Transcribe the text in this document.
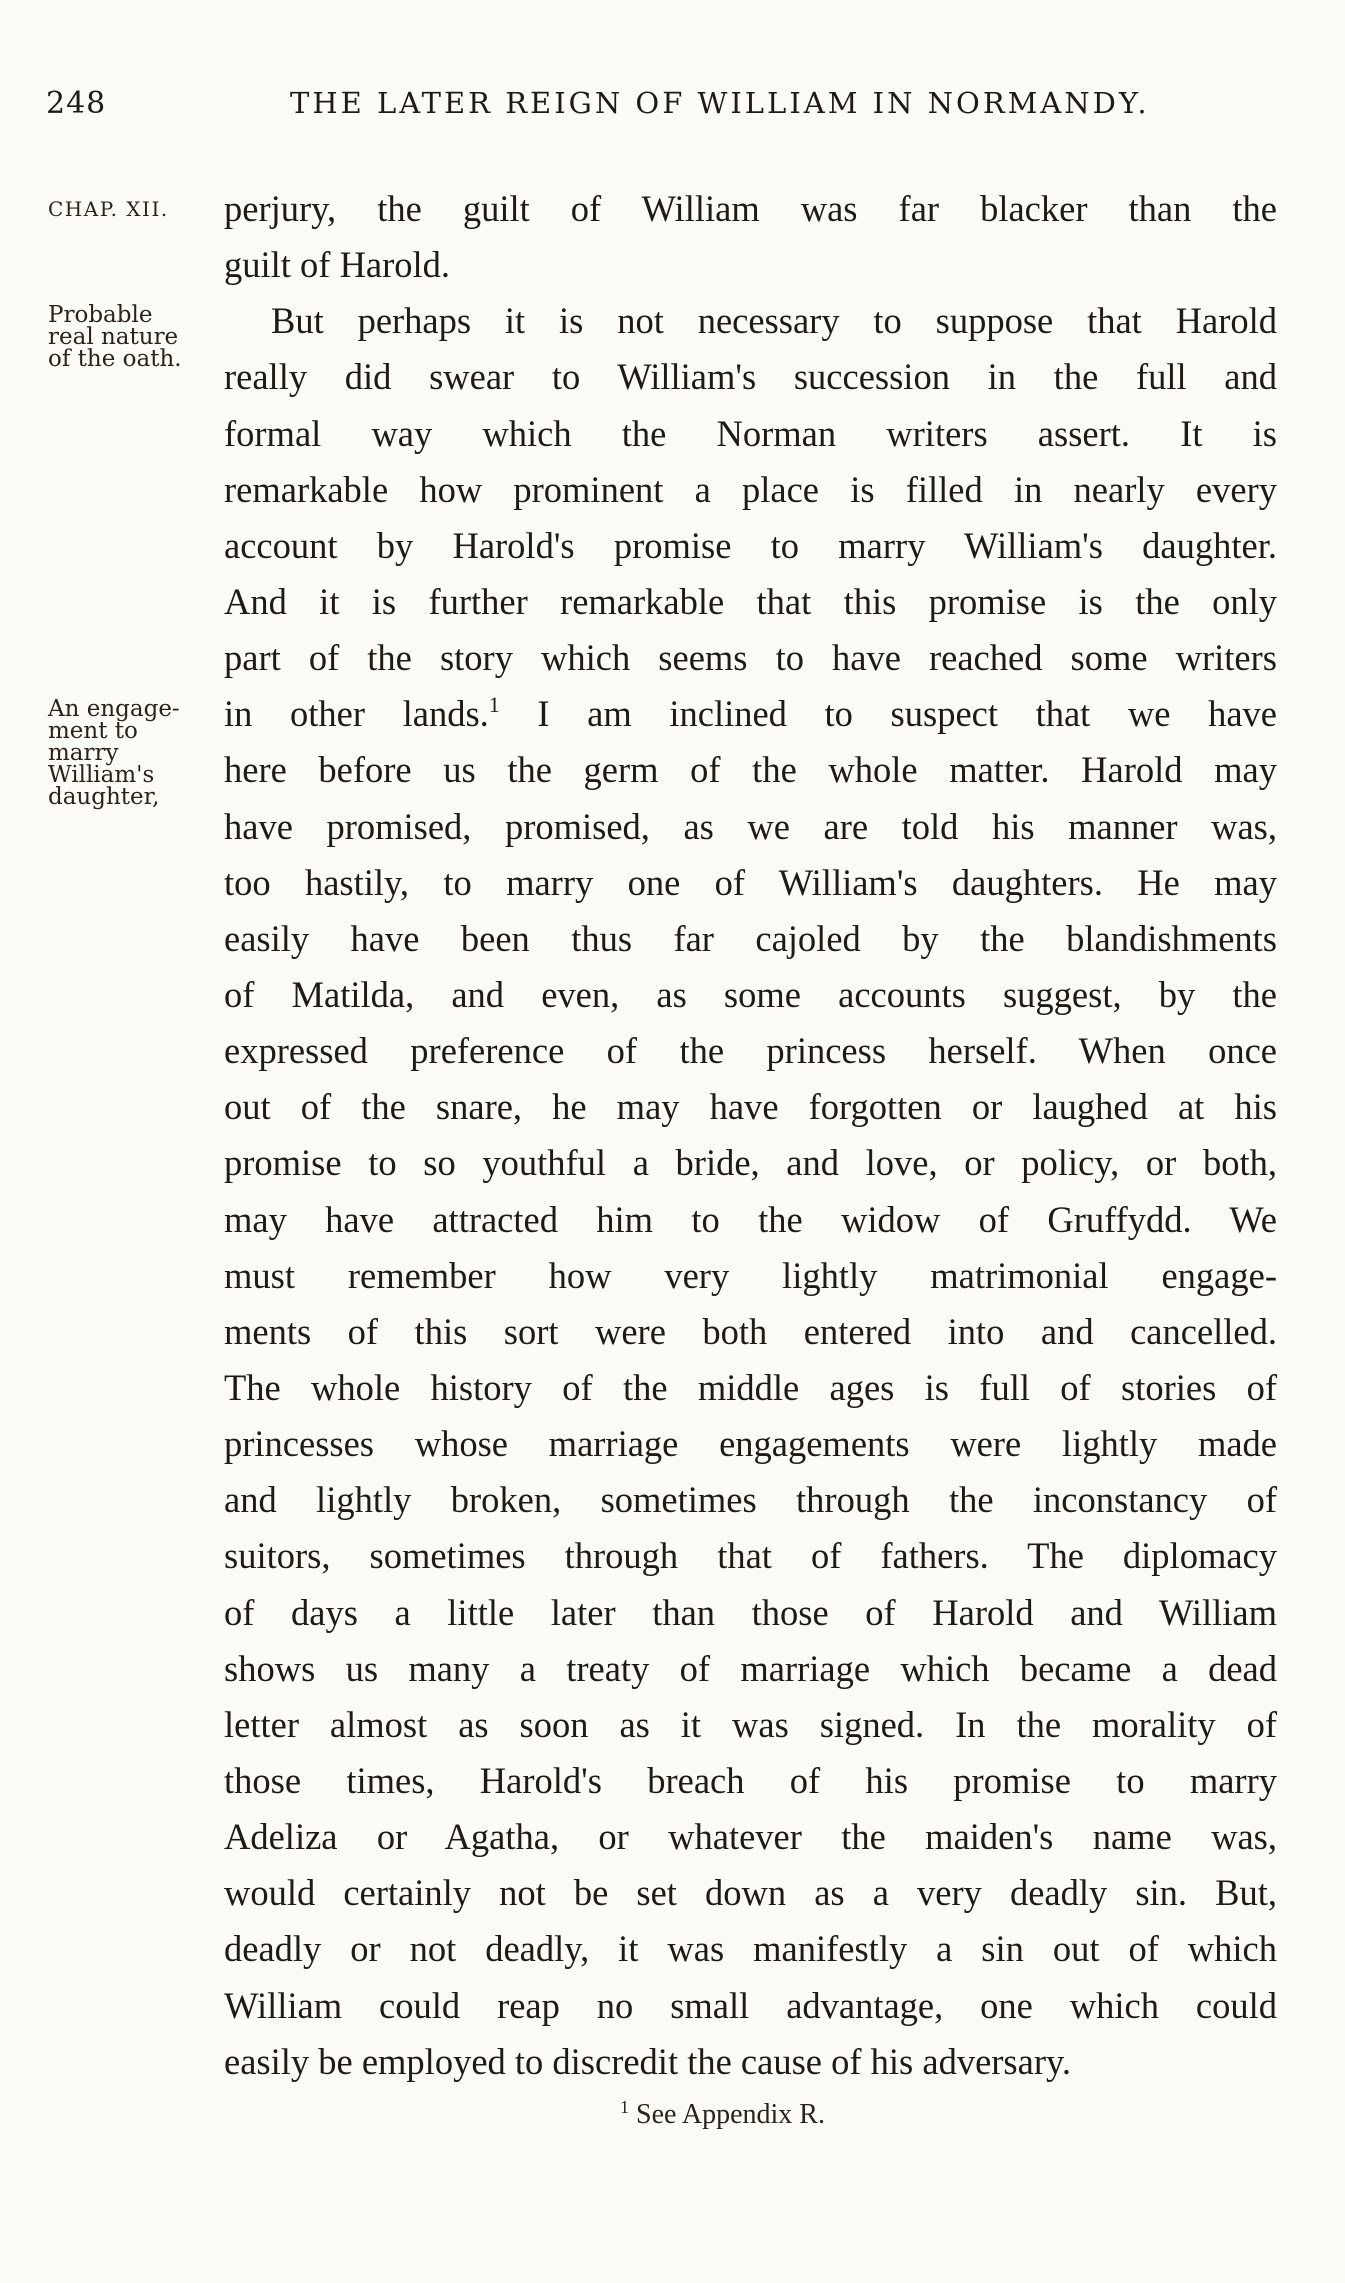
248	THE LATER REIGN OF WILLIAM IN NORMANDY.
CHAP. XII.
Probable
real nature
of the oath.
An engage-
ment to
marry
William's
daughter,
perjury, the guilt of William was far blacker than the
guilt of Harold.
But perhaps it is not necessary to suppose that Harold
really did swear to William's succession in the full and
formal way which the Norman writers assert. It is
remarkable how prominent a place is filled in nearly every
account by Harold's promise to marry William's daughter.
And it is further remarkable that this promise is the only
part of the story which seems to have reached some writers
in other lands.$^1$ I am inclined to suspect that we have
here before us the germ of the whole matter. Harold may
have promised, promised, as we are told his manner was,
too hastily, to marry one of William's daughters. He may
easily have been thus far cajoled by the blandishments
of Matilda, and even, as some accounts suggest, by the
expressed preference of the princess herself. When once
out of the snare, he may have forgotten or laughed at his
promise to so youthful a bride, and love, or policy, or both,
may have attracted him to the widow of Gruffydd. We
must remember how very lightly matrimonial engage-
ments of this sort were both entered into and cancelled.
The whole history of the middle ages is full of stories of
princesses whose marriage engagements were lightly made
and lightly broken, sometimes through the inconstancy of
suitors, sometimes through that of fathers. The diplomacy
of days a little later than those of Harold and William
shows us many a treaty of marriage which became a dead
letter almost as soon as it was signed. In the morality of
those times, Harold's breach of his promise to marry
Adeliza or Agatha, or whatever the maiden's name was,
would certainly not be set down as a very deadly sin. But,
deadly or not deadly, it was manifestly a sin out of which
William could reap no small advantage, one which could
easily be employed to discredit the cause of his adversary.
$^1$ See Appendix R.
